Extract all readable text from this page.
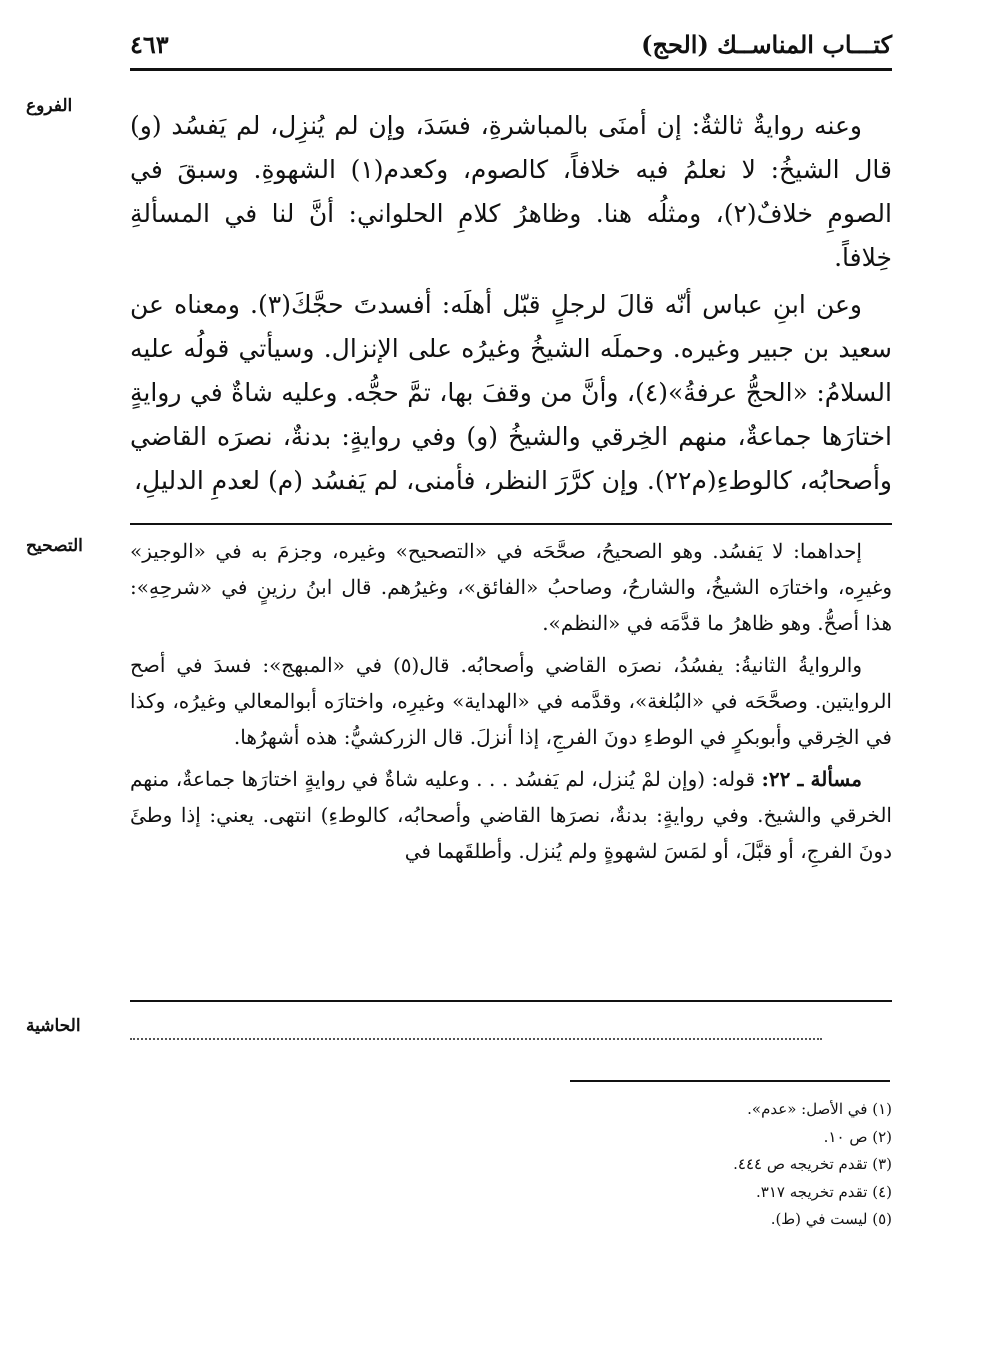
كتـــاب المناســك (الحج)
٤٦٣
الفروع
التصحيح
الحاشية

وعنه روايةٌ ثالثةٌ: إن أمنَى بالمباشرةِ، فسَدَ، وإن لم يُنزِل، لم يَفسُد (و) قال الشيخُ: لا نعلمُ فيه خلافاً، كالصوم، وكعدم(١) الشهوةِ. وسبقَ في الصومِ خلافٌ(٢)، ومثلُه هنا. وظاهرُ كلامِ الحلواني: أنَّ لنا في المسألةِ خِلافاً.

وعن ابنِ عباس أنّه قالَ لرجلٍ قبّل أهلَه: أفسدتَ حجَّكَ(٣). ومعناه عن سعيد بن جبير وغيره. وحملَه الشيخُ وغيرُه على الإنزال. وسيأتي قولُه عليه السلامُ: «الحجُّ عرفةُ»(٤)، وأنَّ من وقفَ بها، تمَّ حجُّه. وعليه شاةٌ في روايةٍ اختارَها جماعةٌ، منهم الخِرقي والشيخُ (و) وفي روايةٍ: بدنةٌ، نصرَه القاضي وأصحابُه، كالوطءِ(م٢٢). وإن كرَّرَ النظر، فأمنى، لم يَفسُد (م) لعدمِ الدليلِ،

إحداهما: لا يَفسُد. وهو الصحيحُ، صحَّحَه في «التصحيح» وغيره، وجزمَ به في «الوجيز» وغيرِه، واختارَه الشيخُ، والشارحُ، وصاحبُ «الفائق»، وغيرُهم. قال ابنُ رزينٍ في «شرحِهِ»: هذا أصحُّ. وهو ظاهرُ ما قدَّمَه في «النظم».

والروايةُ الثانيةُ: يفسُدُ، نصرَه القاضي وأصحابُه. قال(٥) في «المبهج»: فسدَ في أصح الروايتين. وصحَّحَه في «البُلغة»، وقدَّمه في «الهداية» وغيرِه، واختارَه أبوالمعالي وغيرُه، وكذا في الخِرقي وأبوبكرٍ في الوطءِ دونَ الفرجِ، إذا أنزلَ. قال الزركشيُّ: هذه أشهرُها.

مسألة ـ ٢٢: قوله: (وإن لمْ يُنزل، لم يَفسُد . . . وعليه شاةٌ في روايةٍ اختارَها جماعةٌ، منهم الخرقي والشيخ. وفي روايةٍ: بدنةٌ، نصرَها القاضي وأصحابُه، كالوطءِ) انتهى. يعني: إذا وطئَ دونَ الفرجِ، أو قبَّلَ، أو لمَسَ لشهوةٍ ولم يُنزل. وأطلقَهما في

(١) في الأصل: «عدم».
(٢) ص ١٠.
(٣) تقدم تخريجه ص ٤٤٤.
(٤) تقدم تخريجه ٣١٧.
(٥) ليست في (ط).
